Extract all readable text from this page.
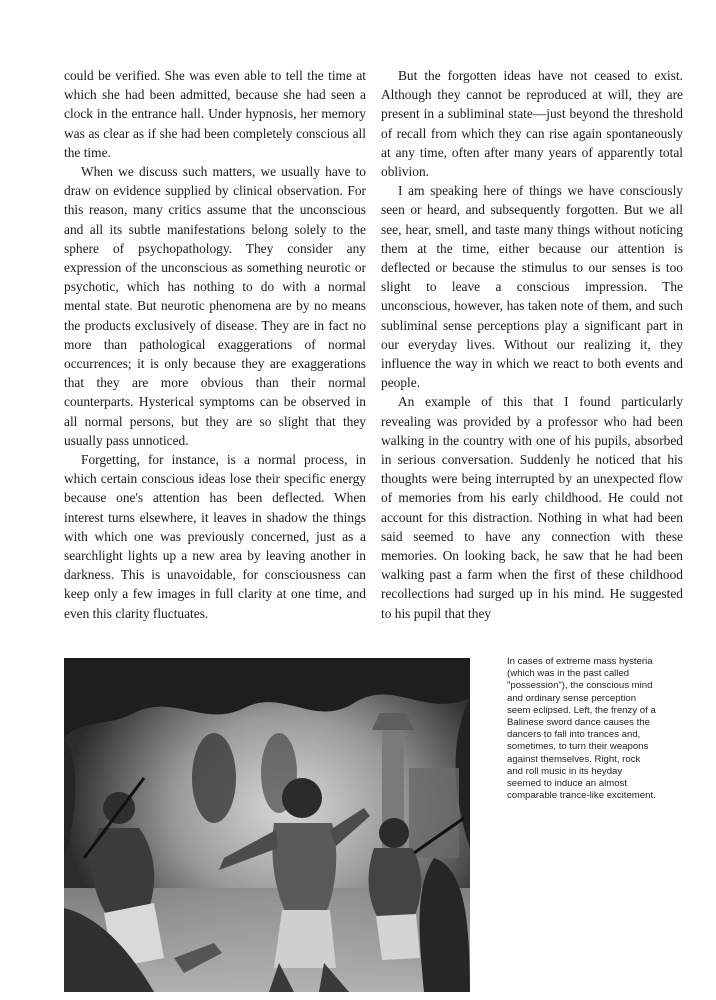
could be verified. She was even able to tell the time at which she had been admitted, because she had seen a clock in the entrance hall. Under hypnosis, her memory was as clear as if she had been completely conscious all the time.

When we discuss such matters, we usually have to draw on evidence supplied by clinical observation. For this reason, many critics assume that the unconscious and all its subtle manifestations belong solely to the sphere of psychopathology. They consider any expression of the unconscious as something neurotic or psychotic, which has nothing to do with a normal mental state. But neurotic phenomena are by no means the products exclusively of disease. They are in fact no more than pathological exaggerations of normal occurrences; it is only because they are exaggerations that they are more obvious than their normal counterparts. Hysterical symptoms can be observed in all normal persons, but they are so slight that they usually pass unnoticed.

Forgetting, for instance, is a normal process, in which certain conscious ideas lose their specific energy because one's attention has been deflected. When interest turns elsewhere, it leaves in shadow the things with which one was previously concerned, just as a searchlight lights up a new area by leaving another in darkness. This is unavoidable, for consciousness can keep only a few images in full clarity at one time, and even this clarity fluctuates.

But the forgotten ideas have not ceased to exist. Although they cannot be reproduced at will, they are present in a subliminal state—just beyond the threshold of recall from which they can rise again spontaneously at any time, often after many years of apparently total oblivion.

I am speaking here of things we have consciously seen or heard, and subsequently forgotten. But we all see, hear, smell, and taste many things without noticing them at the time, either because our attention is deflected or because the stimulus to our senses is too slight to leave a conscious impression. The unconscious, however, has taken note of them, and such subliminal sense perceptions play a significant part in our everyday lives. Without our realizing it, they influence the way in which we react to both events and people.

An example of this that I found particularly revealing was provided by a professor who had been walking in the country with one of his pupils, absorbed in serious conversation. Suddenly he noticed that his thoughts were being interrupted by an unexpected flow of memories from his early childhood. He could not account for this distraction. Nothing in what had been said seemed to have any connection with these memories. On looking back, he saw that he had been walking past a farm when the first of these childhood recollections had surged up in his mind. He suggested to his pupil that they

In cases of extreme mass hysteria (which was in the past called "possession"), the conscious mind and ordinary sense perception seem eclipsed. Left, the frenzy of a Balinese sword dance causes the dancers to fall into trances and, sometimes, to turn their weapons against themselves. Right, rock and roll music in its heyday seemed to induce an almost comparable trance-like excitement.
